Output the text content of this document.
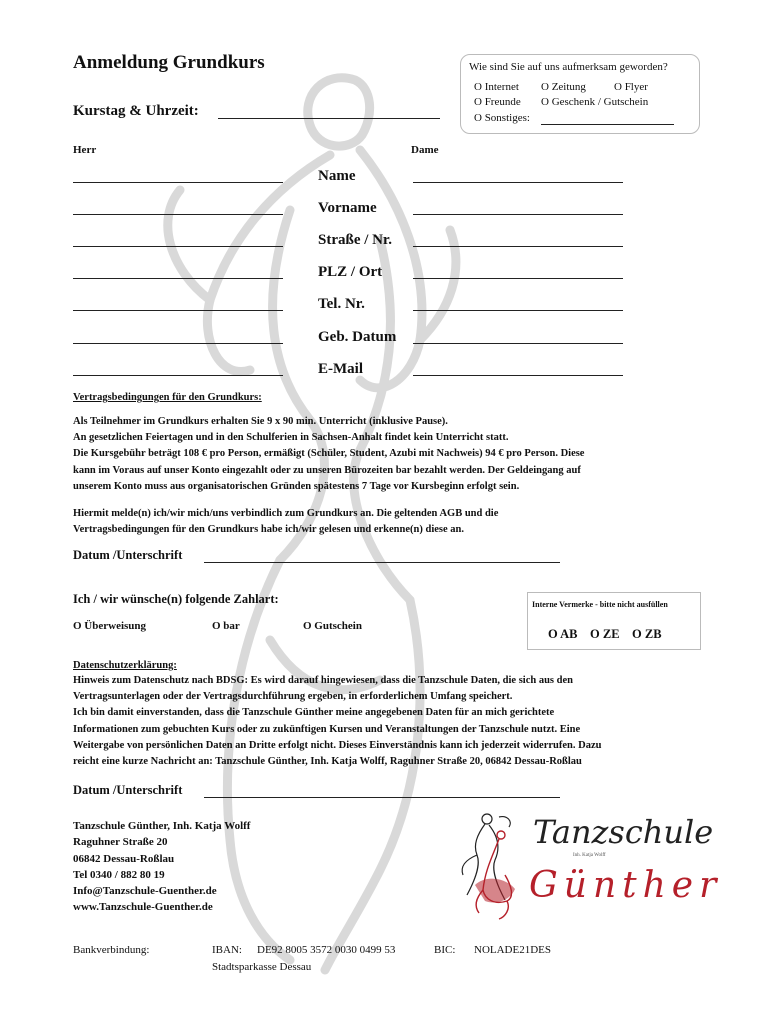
Anmeldung Grundkurs
Kurstag & Uhrzeit:
Wie sind Sie auf uns aufmerksam geworden?
O Internet O Zeitung	O Flyer
O Freunde O Geschenk / Gutschein
O Sonstiges:
Herr	Dame
Name
Vorname
Straße / Nr.
PLZ / Ort
Tel. Nr.
Geb. Datum
E-Mail
Vertragsbedingungen für den Grundkurs:
Als Teilnehmer im Grundkurs erhalten Sie 9 x 90 min. Unterricht (inklusive Pause).
An gesetzlichen Feiertagen und in den Schulferien in Sachsen-Anhalt findet kein Unterricht statt.
Die Kursgebühr beträgt 108 € pro Person, ermäßigt (Schüler, Student, Azubi mit Nachweis) 94 € pro Person. Diese
kann im Voraus auf unser Konto eingezahlt oder zu unseren Bürozeiten bar bezahlt werden. Der Geldeingang auf
unserem Konto muss aus organisatorischen Gründen spätestens 7 Tage vor Kursbeginn erfolgt sein.
Hiermit melde(n) ich/wir mich/uns verbindlich zum Grundkurs an. Die geltenden AGB und die
Vertragsbedingungen für den Grundkurs habe ich/wir gelesen und erkenne(n) diese an.
Datum /Unterschrift
Ich / wir wünsche(n) folgende Zahlart:
O Überweisung	O bar	O Gutschein
Interne Vermerke - bitte nicht ausfüllen
O AB    O ZE    O ZB
Datenschutzerklärung:
Hinweis zum Datenschutz nach BDSG: Es wird darauf hingewiesen, dass die Tanzschule Daten, die sich aus den
Vertragsunterlagen oder der Vertragsdurchführung ergeben, in erforderlichem Umfang speichert.
Ich bin damit einverstanden, dass die Tanzschule Günther meine angegebenen Daten für an mich gerichtete
Informationen zum gebuchten Kurs oder zu zukünftigen Kursen und Veranstaltungen der Tanzschule nutzt. Eine
Weitergabe von persönlichen Daten an Dritte erfolgt nicht. Dieses Einverständnis kann ich jederzeit widerrufen. Dazu
reicht eine kurze Nachricht an: Tanzschule Günther, Inh. Katja Wolff, Raguhner Straße 20, 06842 Dessau-Roßlau
Datum /Unterschrift
Tanzschule Günther, Inh. Katja Wolff
Raguhner Straße 20
06842 Dessau-Roßlau
Tel 0340 / 882 80 19
Info@Tanzschule-Guenther.de
www.Tanzschule-Guenther.de
Tanzschule
Inh. Katja Wolff
Günther
Bankverbindung:	IBAN: DE92 8005 3572 0030 0499 53	BIC: NOLADE21DES
Stadtsparkasse Dessau
